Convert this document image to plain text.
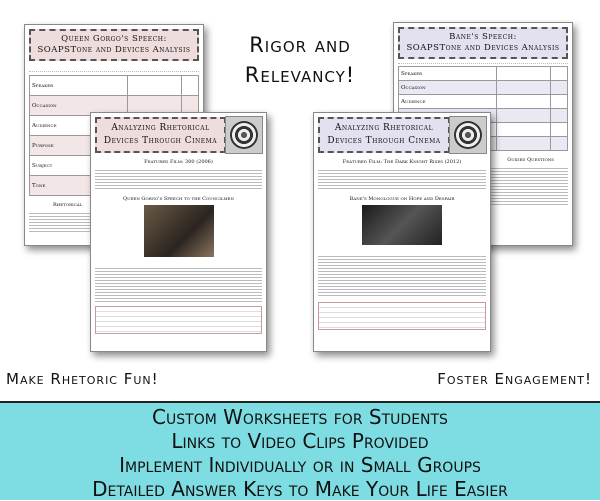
Rigor and
Relevancy!
Queen Gorgo's Speech:
SOAPSTone and Devices Analysis
Speaker		
Occasion		
Audience		
Purpose		
Subject		
Tone		
Rhetorical
Bane's Speech:
SOAPSTone and Devices Analysis
Speaker		
Occasion		
Audience		

Guided Questions
Analyzing Rhetorical
Devices Through Cinema
Featured Film: 300 (2006)
Queen Gorgo's Speech to the Councilmen

Analyzing Rhetorical
Devices Through Cinema
Featured Film: The Dark Knight Rises (2012)
Bane's Monologue on Hope and Despair

Make Rhetoric Fun!	Foster Engagement!
Custom Worksheets for Students
Links to Video Clips Provided
Implement Individually or in Small Groups
Detailed Answer Keys to Make Your Life Easier
